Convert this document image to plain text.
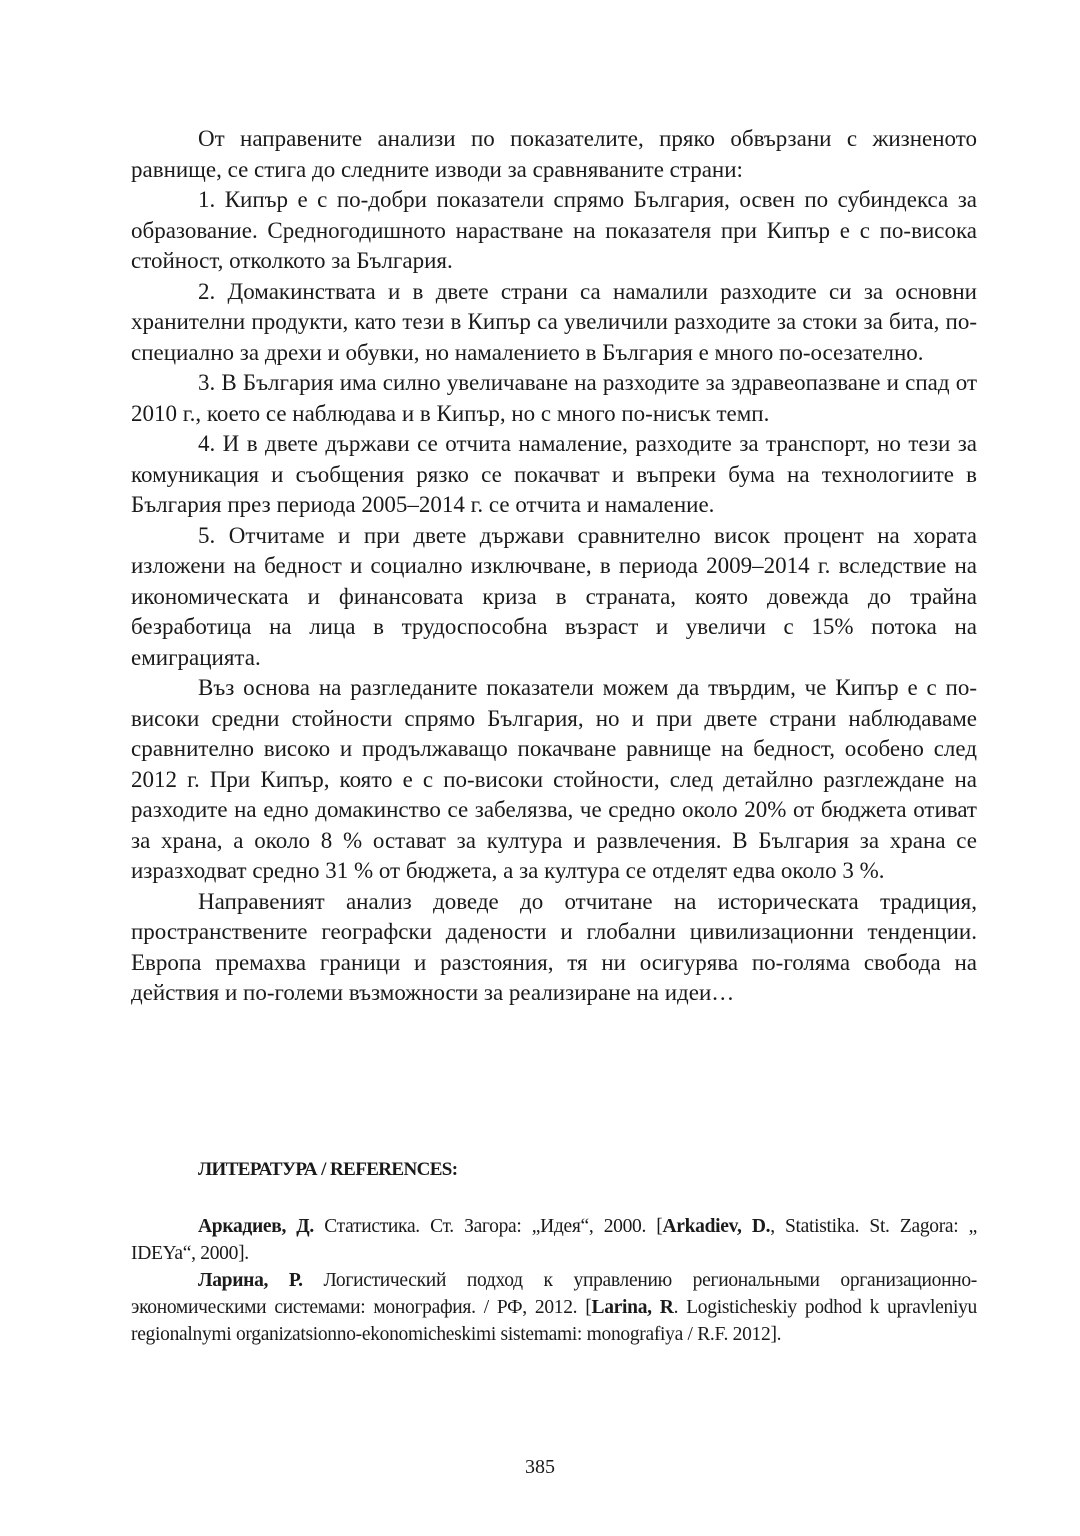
От направените анализи по показателите, пряко обвързани с жизненото равнище, се стига до следните изводи за сравняваните страни:

1. Кипър е с по-добри показатели спрямо България, освен по субиндекса за образование. Средногодишното нарастване на показателя при Кипър е с по-висока стойност, отколкото за България.

2. Домакинствата и в двете страни са намалили разходите си за основни хранителни продукти, като тези в Кипър са увеличили разходите за стоки за бита, по-специално за дрехи и обувки, но намалението в България е много по-осезателно.

3. В България има силно увеличаване на разходите за здравеопазване и спад от 2010 г., което се наблюдава и в Кипър, но с много по-нисък темп.

4. И в двете държави се отчита намаление, разходите за транспорт, но тези за комуникация и съобщения рязко се покачват и въпреки бума на технологиите в България през периода 2005–2014 г. се отчита и намаление.

5. Отчитаме и при двете държави сравнително висок процент на хората изложени на бедност и социално изключване, в периода 2009–2014 г. вследствие на икономическата и финансовата криза в страната, която довежда до трайна безработица на лица в трудоспособна възраст и увеличи с 15% потока на емиграцията.

Въз основа на разгледаните показатели можем да твърдим, че Кипър е с по-високи средни стойности спрямо България, но и при двете страни наблюдаваме сравнително високо и продължаващо покачване равнище на бедност, особено след 2012 г. При Кипър, която е с по-високи стойности, след детайлно разглеждане на разходите на едно домакинство се забелязва, че средно около 20% от бюджета отиват за храна, а около 8 % остават за култура и развлечения. В България за храна се изразходват средно 31 % от бюджета, а за култура се отделят едва около 3 %.

Направеният анализ доведе до отчитане на историческата традиция, пространствените географски дадености и глобални цивилизационни тенденции. Европа премахва граници и разстояния, тя ни осигурява по-голяма свобода на действия и по-големи възможности за реализиране на идеи…

ЛИТЕРАТУРА / REFERENCES:

Аркадиев, Д. Статистика. Ст. Загора: „Идея“, 2000. [Arkadiev, D., Statistika. St. Zagora: „ IDEYa“, 2000].

Ларина, Р. Логистический подход к управлению региональными организационно-экономическими системами: монография. / РФ, 2012. [Larina, R. Logisticheskiy podhod k upravleniyu regionalnymi organizatsionno-ekonomicheskimi sistemami: monografiya / R.F. 2012].

385
